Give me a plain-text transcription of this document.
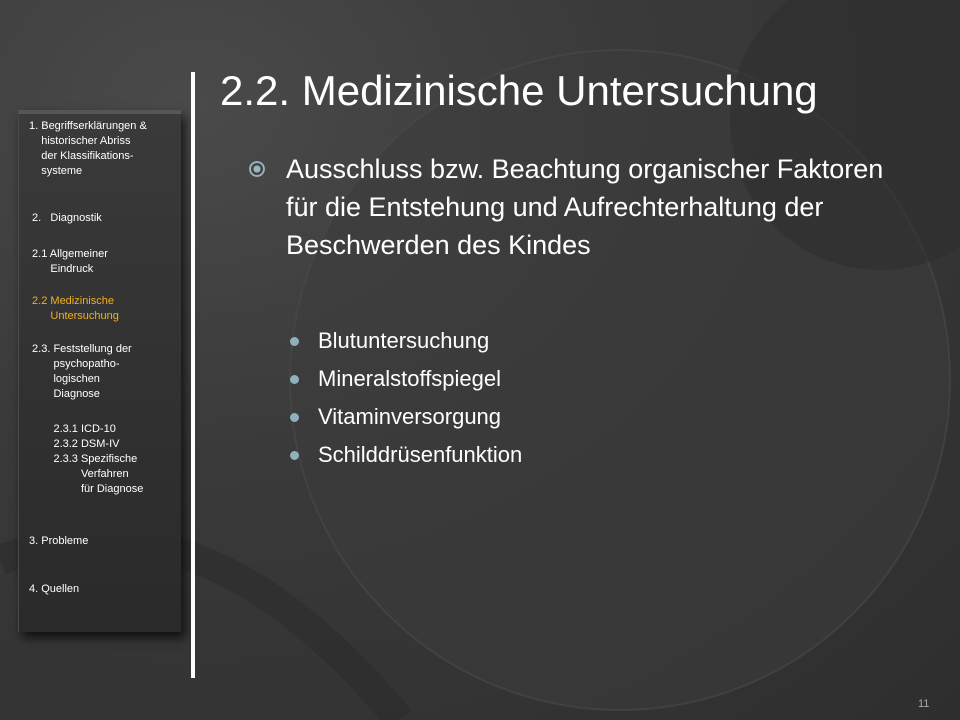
1. Begriffserklärungen &
historischer Abriss
der Klassifikations-
systeme
2.   Diagnostik
2.1 Allgemeiner
Eindruck
2.2 Medizinische
Untersuchung
2.3. Feststellung der
psychopatho-
logischen
Diagnose
2.3.1 ICD-10
2.3.2 DSM-IV
2.3.3 Spezifische
Verfahren
für Diagnose
3. Probleme
4. Quellen
2.2. Medizinische Untersuchung
Ausschluss bzw. Beachtung organischer Faktoren für die Entstehung und Aufrechterhaltung der Beschwerden des Kindes
Blutuntersuchung
Mineralstoffspiegel
Vitaminversorgung
Schilddrüsenfunktion
11
